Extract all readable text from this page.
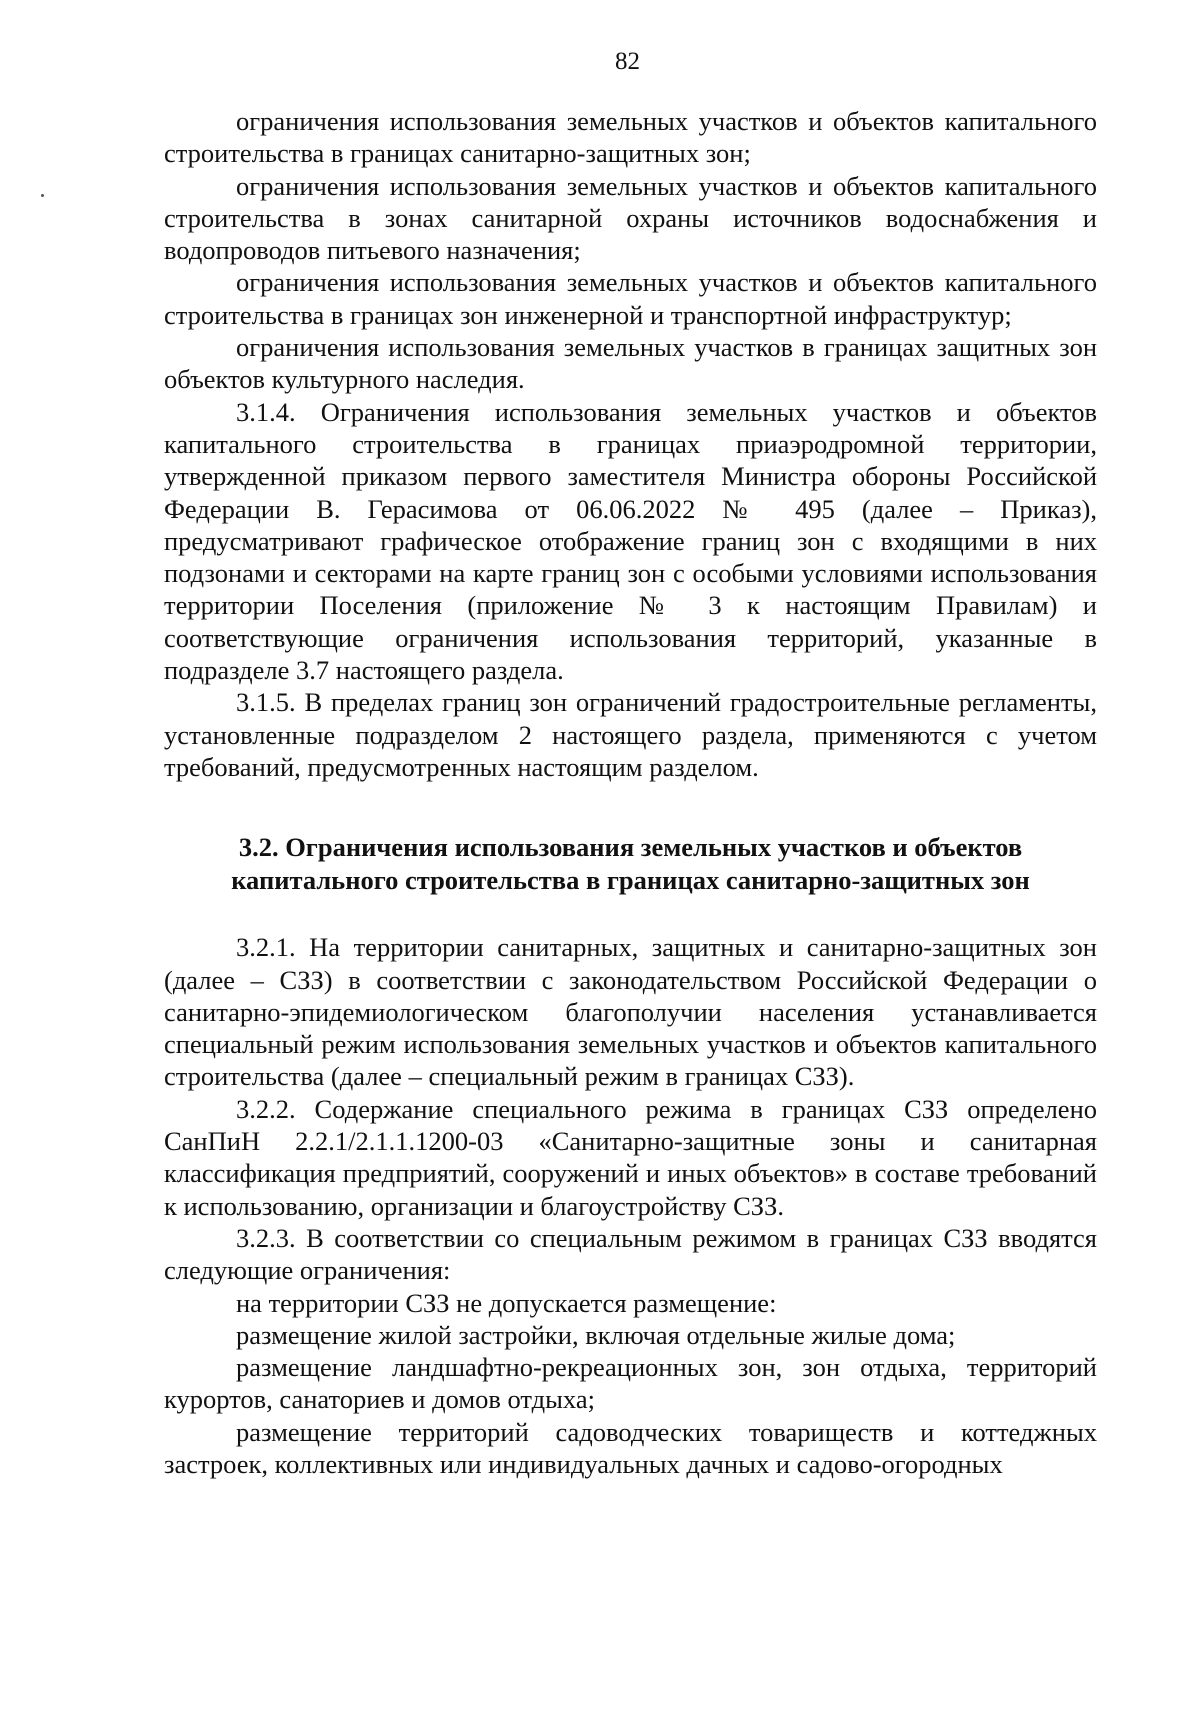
82

ограничения использования земельных участков и объектов капитального строительства в границах санитарно-защитных зон;

ограничения использования земельных участков и объектов капитального строительства в зонах санитарной охраны источников водоснабжения и водопроводов питьевого назначения;

ограничения использования земельных участков и объектов капитального строительства в границах зон инженерной и транспортной инфраструктур;

ограничения использования земельных участков в границах защитных зон объектов культурного наследия.

3.1.4. Ограничения использования земельных участков и объектов капитального строительства в границах приаэродромной территории, утвержденной приказом первого заместителя Министра обороны Российской Федерации В. Герасимова от 06.06.2022 № 495 (далее – Приказ), предусматривают графическое отображение границ зон с входящими в них подзонами и секторами на карте границ зон с особыми условиями использования территории Поселения (приложение № 3 к настоящим Правилам) и соответствующие ограничения использования территорий, указанные в подразделе 3.7 настоящего раздела.

3.1.5. В пределах границ зон ограничений градостроительные регламенты, установленные подразделом 2 настоящего раздела, применяются с учетом требований, предусмотренных настоящим разделом.

3.2. Ограничения использования земельных участков и объектов капитального строительства в границах санитарно-защитных зон

3.2.1. На территории санитарных, защитных и санитарно-защитных зон (далее – СЗЗ) в соответствии с законодательством Российской Федерации о санитарно-эпидемиологическом благополучии населения устанавливается специальный режим использования земельных участков и объектов капитального строительства (далее – специальный режим в границах СЗЗ).

3.2.2. Содержание специального режима в границах СЗЗ определено СанПиН 2.2.1/2.1.1.1200-03 «Санитарно-защитные зоны и санитарная классификация предприятий, сооружений и иных объектов» в составе требований к использованию, организации и благоустройству СЗЗ.

3.2.3. В соответствии со специальным режимом в границах СЗЗ вводятся следующие ограничения:

на территории СЗЗ не допускается размещение:

размещение жилой застройки, включая отдельные жилые дома;

размещение ландшафтно-рекреационных зон, зон отдыха, территорий курортов, санаториев и домов отдыха;

размещение территорий садоводческих товариществ и коттеджных застроек, коллективных или индивидуальных дачных и садово-огородных
